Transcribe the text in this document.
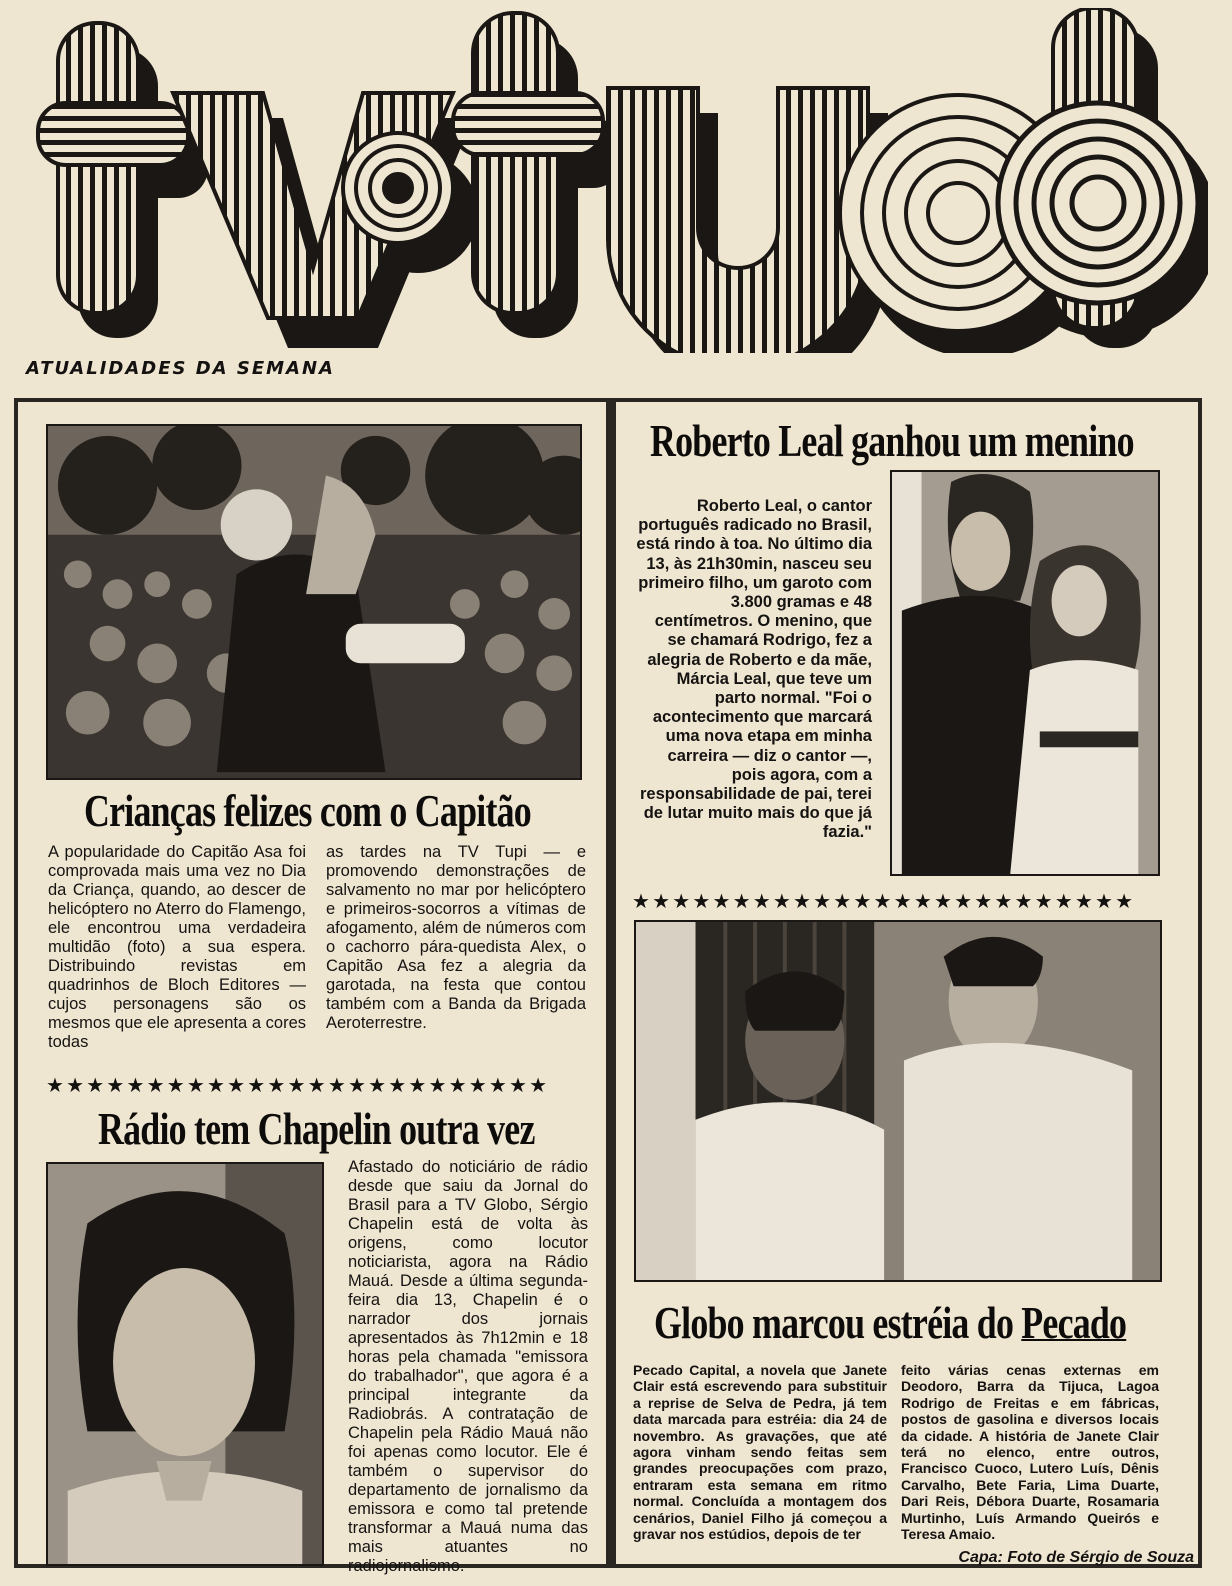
ATUALIDADES DA SEMANA
Crianças felizes com o Capitão
A popularidade do Capitão Asa foi comprovada mais uma vez no Dia da Criança, quando, ao descer de helicóptero no Aterro do Flamengo, ele encontrou uma verdadeira multidão (foto) a sua espera. Distribuindo revistas em quadrinhos de Bloch Editores — cujos personagens são os mesmos que ele apresenta a cores todas
as tardes na TV Tupi — e promovendo demonstrações de salvamento no mar por helicóptero e primeiros-socorros a vítimas de afogamento, além de números com o cachorro pára-quedista Alex, o Capitão Asa fez a alegria da garotada, na festa que contou também com a Banda da Brigada Aeroterrestre.
★★★★★★★★★★★★★★★★★★★★★★★★★
Rádio tem Chapelin outra vez
Afastado do noticiário de rádio desde que saiu da Jornal do Brasil para a TV Globo, Sérgio Chapelin está de volta às origens, como locutor noticiarista, agora na Rádio Mauá. Desde a última segunda-feira dia 13, Chapelin é o narrador dos jornais apresentados às 7h12min e 18 horas pela chamada "emissora do trabalhador", que agora é a principal integrante da Radiobrás. A contratação de Chapelin pela Rádio Mauá não foi apenas como locutor. Ele é também o supervisor do departamento de jornalismo da emissora e como tal pretende transformar a Mauá numa das mais atuantes no radiojornalismo.
Roberto Leal ganhou um menino
Roberto Leal, o cantor português radicado no Brasil, está rindo à toa. No último dia 13, às 21h30min, nasceu seu primeiro filho, um garoto com 3.800 gramas e 48 centímetros. O menino, que se chamará Rodrigo, fez a alegria de Roberto e da mãe, Márcia Leal, que teve um parto normal. "Foi o acontecimento que marcará uma nova etapa em minha carreira — diz o cantor —, pois agora, com a responsabilidade de pai, terei de lutar muito mais do que já fazia."
★★★★★★★★★★★★★★★★★★★★★★★★★
Globo marcou estréia do Pecado
Pecado Capital, a novela que Janete Clair está escrevendo para substituir a reprise de Selva de Pedra, já tem data marcada para estréia: dia 24 de novembro. As gravações, que até agora vinham sendo feitas sem grandes preocupações com prazo, entraram esta semana em ritmo normal. Concluída a montagem dos cenários, Daniel Filho já começou a gravar nos estúdios, depois de ter
feito várias cenas externas em Deodoro, Barra da Tijuca, Lagoa Rodrigo de Freitas e em fábricas, postos de gasolina e diversos locais da cidade. A história de Janete Clair terá no elenco, entre outros, Francisco Cuoco, Lutero Luís, Dênis Carvalho, Bete Faria, Lima Duarte, Dari Reis, Débora Duarte, Rosamaria Murtinho, Luís Armando Queirós e Teresa Amaio.
Capa: Foto de Sérgio de Souza
